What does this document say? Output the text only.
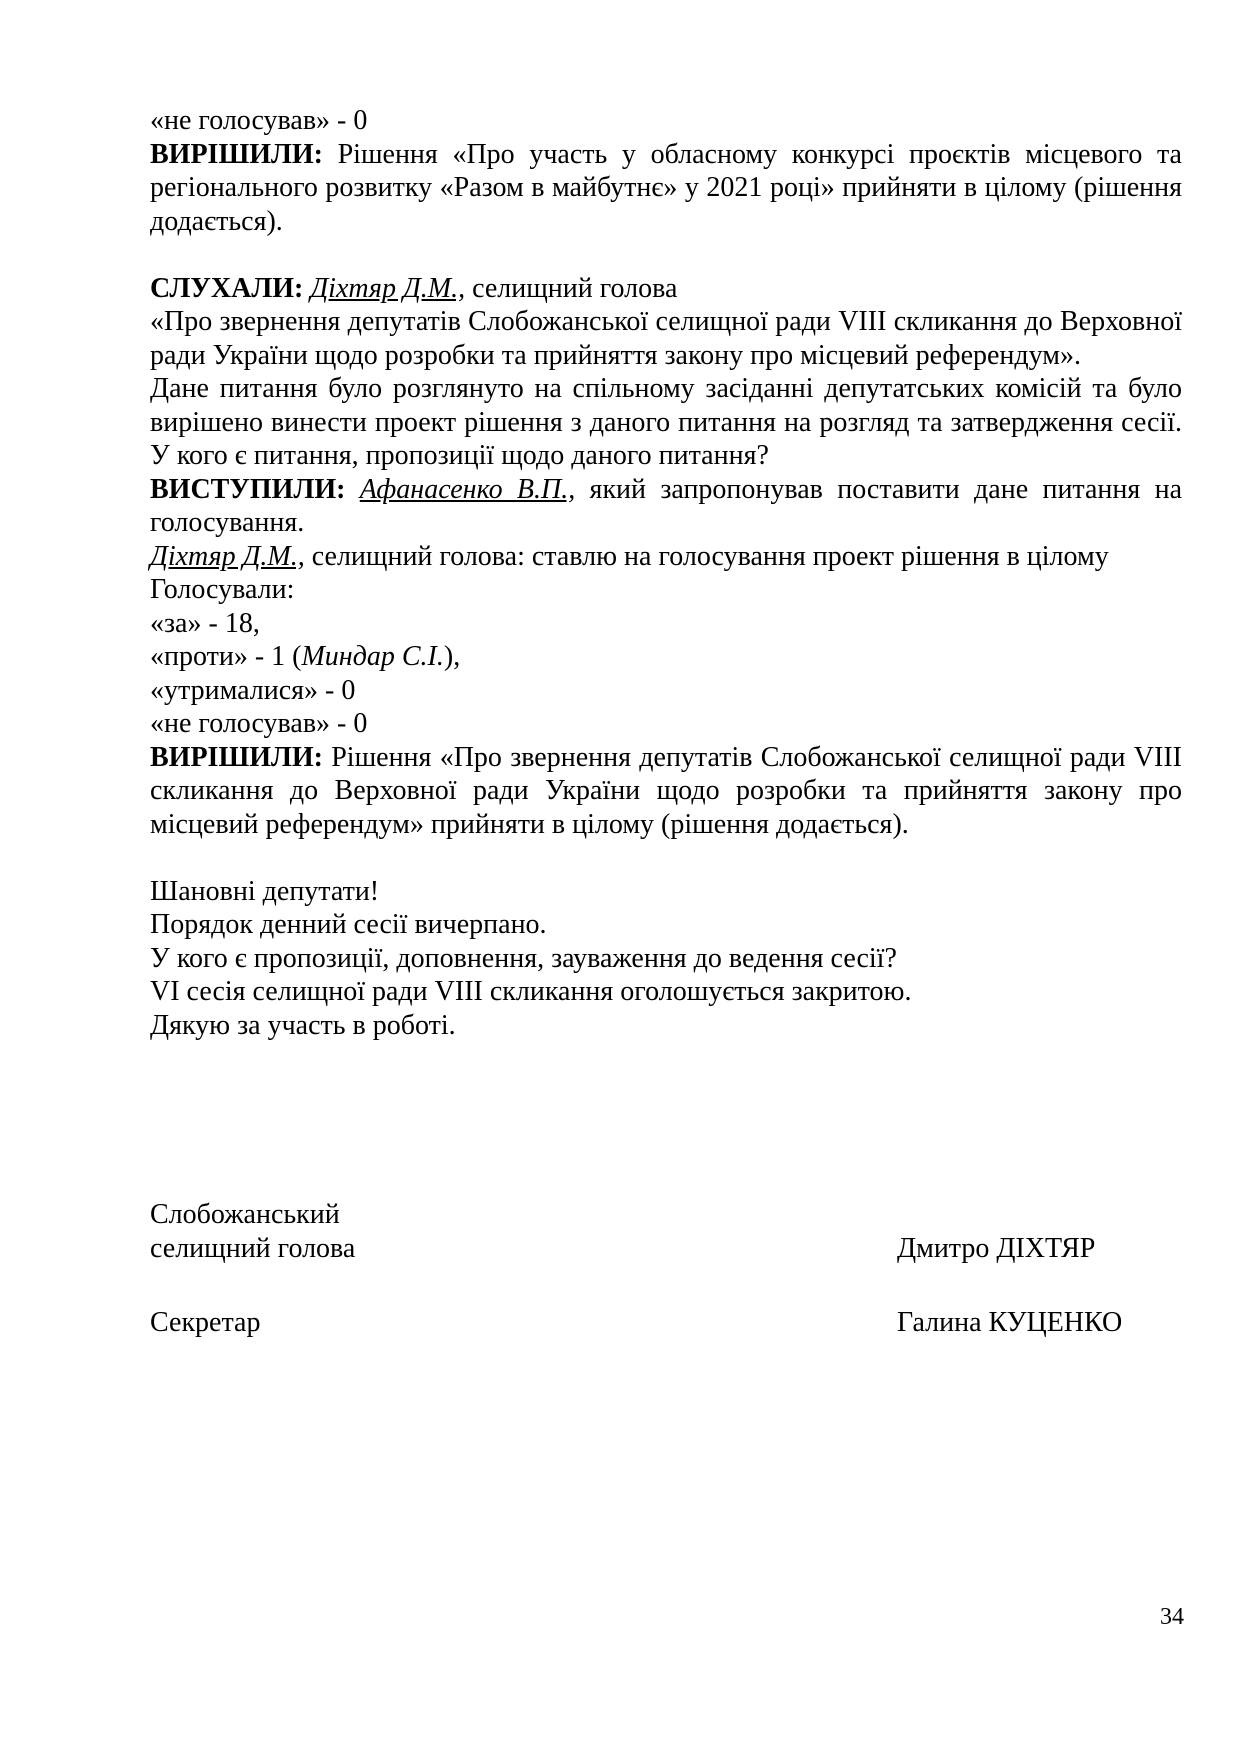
«не голосував» - 0

ВИРІШИЛИ: Рішення «Про участь у обласному конкурсі проєктів місцевого та регіонального розвитку «Разом в майбутнє» у 2021 році» прийняти в цілому (рішення додається).

СЛУХАЛИ: Діхтяр Д.М., селищний голова

«Про звернення депутатів Слобожанської селищної ради VIII скликання до Верховної ради України щодо розробки та прийняття закону про місцевий референдум».

Дане питання було розглянуто на спільному засіданні депутатських комісій та було вирішено винести проект рішення з даного питання на розгляд та затвердження сесії. У кого є питання, пропозиції щодо даного питання?

ВИСТУПИЛИ: Афанасенко В.П., який запропонував поставити дане питання на голосування.

Діхтяр Д.М., селищний голова: ставлю на голосування проект рішення в цілому
Голосували:
«за» - 18,
«проти» - 1 (Миндар С.І.),
«утрималися» - 0
«не голосував» - 0

ВИРІШИЛИ: Рішення «Про звернення депутатів Слобожанської селищної ради VIII скликання до Верховної ради України щодо розробки та прийняття закону про місцевий референдум» прийняти в цілому (рішення додається).

Шановні депутати!
Порядок денний сесії вичерпано.
У кого є пропозиції, доповнення, зауваження до ведення сесії?
VI сесія селищної ради VIII скликання оголошується закритою.
Дякую за участь в роботі.
Слобожанський
селищний голова	Дмитро ДІХТЯР
Секретар	Галина КУЦЕНКО
34
